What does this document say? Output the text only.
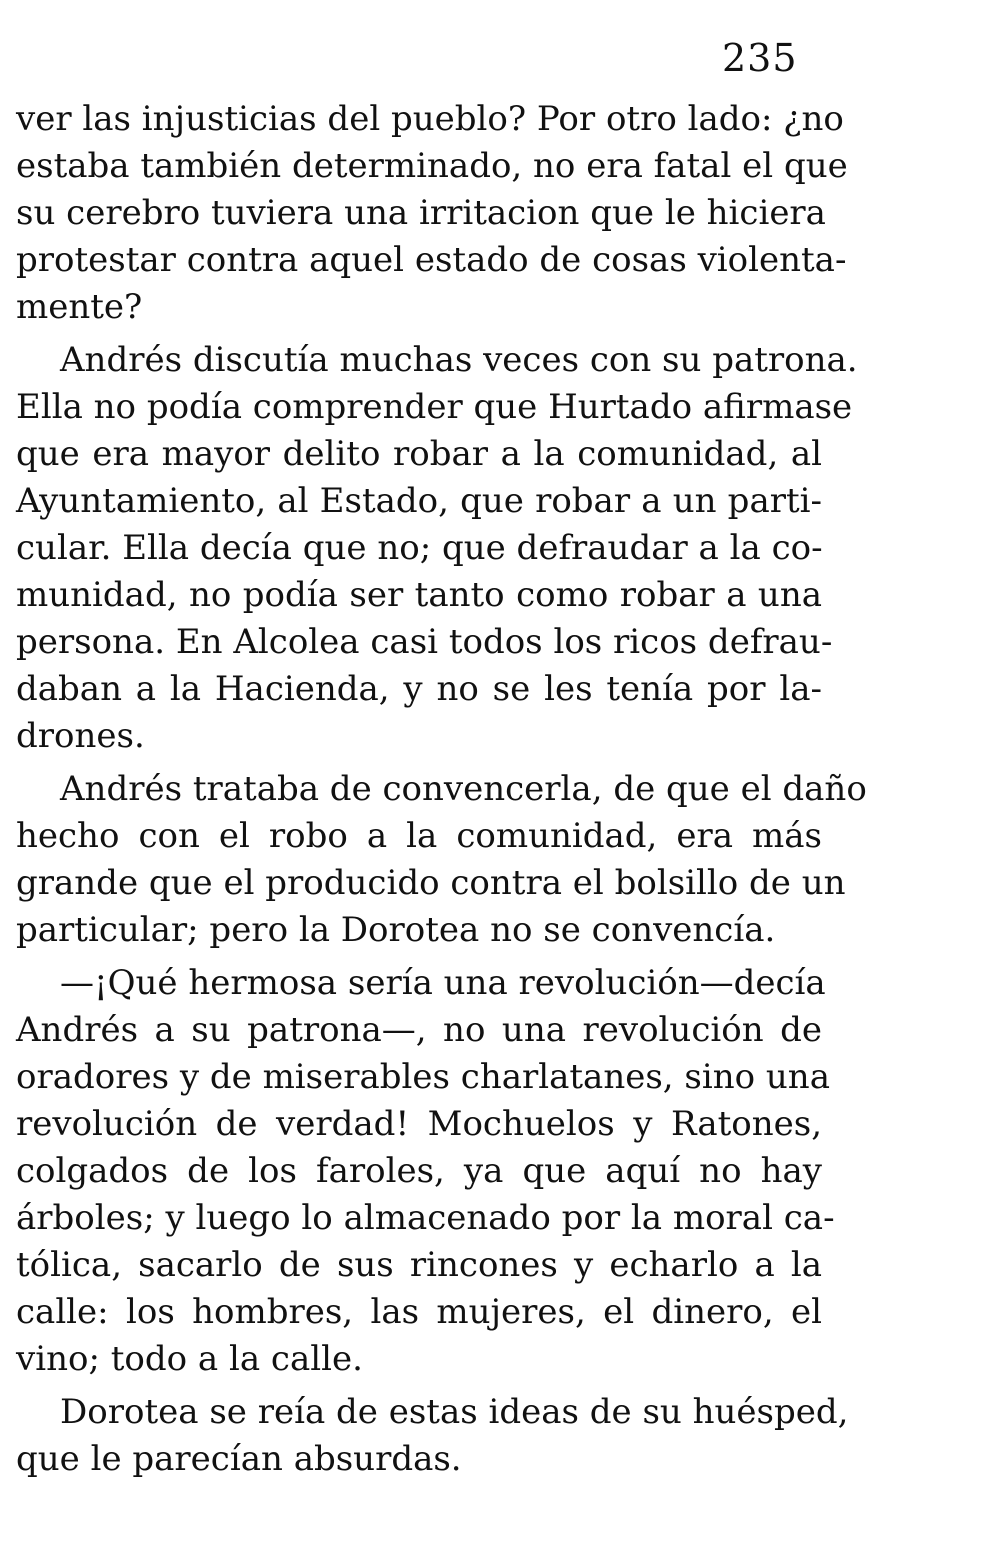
235
ver las injusticias del pueblo? Por otro lado: ¿no
estaba también determinado, no era fatal el que
su cerebro tuviera una irritacion que le hiciera
protestar contra aquel estado de cosas violenta-
mente?
Andrés discutía muchas veces con su patrona.
Ella no podía comprender que Hurtado afirmase
que era mayor delito robar a la comunidad, al
Ayuntamiento, al Estado, que robar a un parti-
cular. Ella decía que no; que defraudar a la co-
munidad, no podía ser tanto como robar a una
persona. En Alcolea casi todos los ricos defrau-
daban a la Hacienda, y no se les tenía por la-
drones.
Andrés trataba de convencerla, de que el daño
hecho con el robo a la comunidad, era más
grande que el producido contra el bolsillo de un
particular; pero la Dorotea no se convencía.
—¡Qué hermosa sería una revolución—decía
Andrés a su patrona—, no una revolución de
oradores y de miserables charlatanes, sino una
revolución de verdad! Mochuelos y Ratones,
colgados de los faroles, ya que aquí no hay
árboles; y luego lo almacenado por la moral ca-
tólica, sacarlo de sus rincones y echarlo a la
calle: los hombres, las mujeres, el dinero, el
vino; todo a la calle.
Dorotea se reía de estas ideas de su huésped,
que le parecían absurdas.
